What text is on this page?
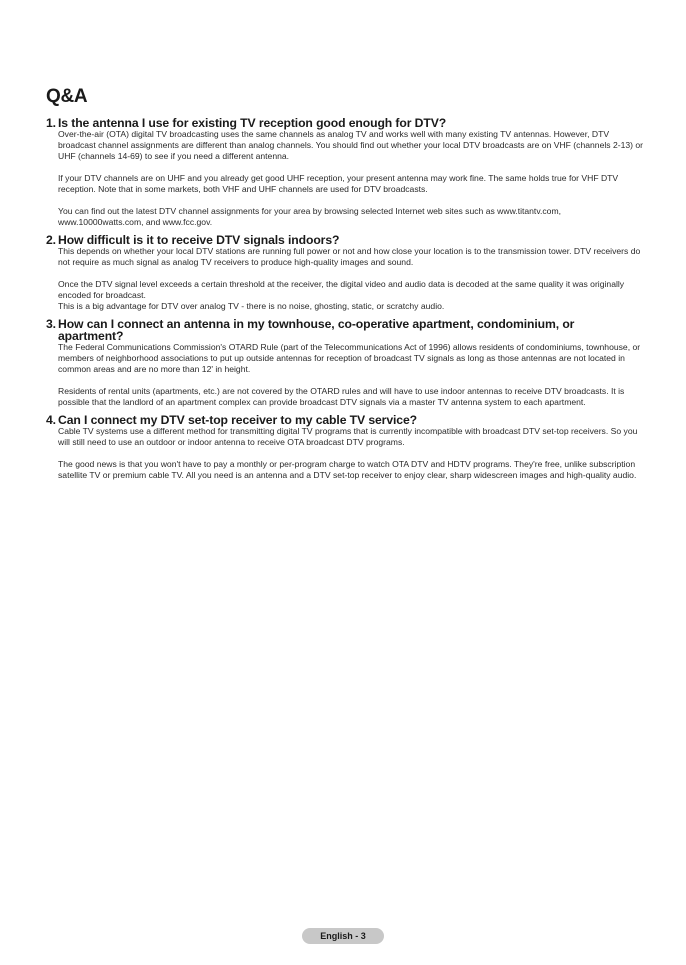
Q&A
1. Is the antenna I use for existing TV reception good enough for DTV?

Over-the-air (OTA) digital TV broadcasting uses the same channels as analog TV and works well with many existing TV antennas. However, DTV broadcast channel assignments are different than analog channels. You should find out whether your local DTV broadcasts are on VHF (channels 2-13) or UHF (channels 14-69) to see if you need a different antenna.

If your DTV channels are on UHF and you already get good UHF reception, your present antenna may work fine. The same holds true for VHF DTV reception. Note that in some markets, both VHF and UHF channels are used for DTV broadcasts.

You can find out the latest DTV channel assignments for your area by browsing selected Internet web sites such as www.titantv.com, www.10000watts.com, and www.fcc.gov.

2. How difficult is it to receive DTV signals indoors?

This depends on whether your local DTV stations are running full power or not and how close your location is to the transmission tower. DTV receivers do not require as much signal as analog TV receivers to produce high-quality images and sound.

Once the DTV signal level exceeds a certain threshold at the receiver, the digital video and audio data is decoded at the same quality it was originally encoded for broadcast.

This is a big advantage for DTV over analog TV - there is no noise, ghosting, static, or scratchy audio.

3. How can I connect an antenna in my townhouse, co-operative apartment, condominium, or apartment?

The Federal Communications Commission's OTARD Rule (part of the Telecommunications Act of 1996) allows residents of condominiums, townhouse, or members of neighborhood associations to put up outside antennas for reception of broadcast TV signals as long as those antennas are not located in common areas and are no more than 12' in height.

Residents of rental units (apartments, etc.) are not covered by the OTARD rules and will have to use indoor antennas to receive DTV broadcasts. It is possible that the landlord of an apartment complex can provide broadcast DTV signals via a master TV antenna system to each apartment.

4. Can I connect my DTV set-top receiver to my cable TV service?

Cable TV systems use a different method for transmitting digital TV programs that is currently incompatible with broadcast DTV set-top receivers. So you will still need to use an outdoor or indoor antenna to receive OTA broadcast DTV programs.

The good news is that you won't have to pay a monthly or per-program charge to watch OTA DTV and HDTV programs. They're free, unlike subscription satellite TV or premium cable TV. All you need is an antenna and a DTV set-top receiver to enjoy clear, sharp widescreen images and high-quality audio.

English - 3
